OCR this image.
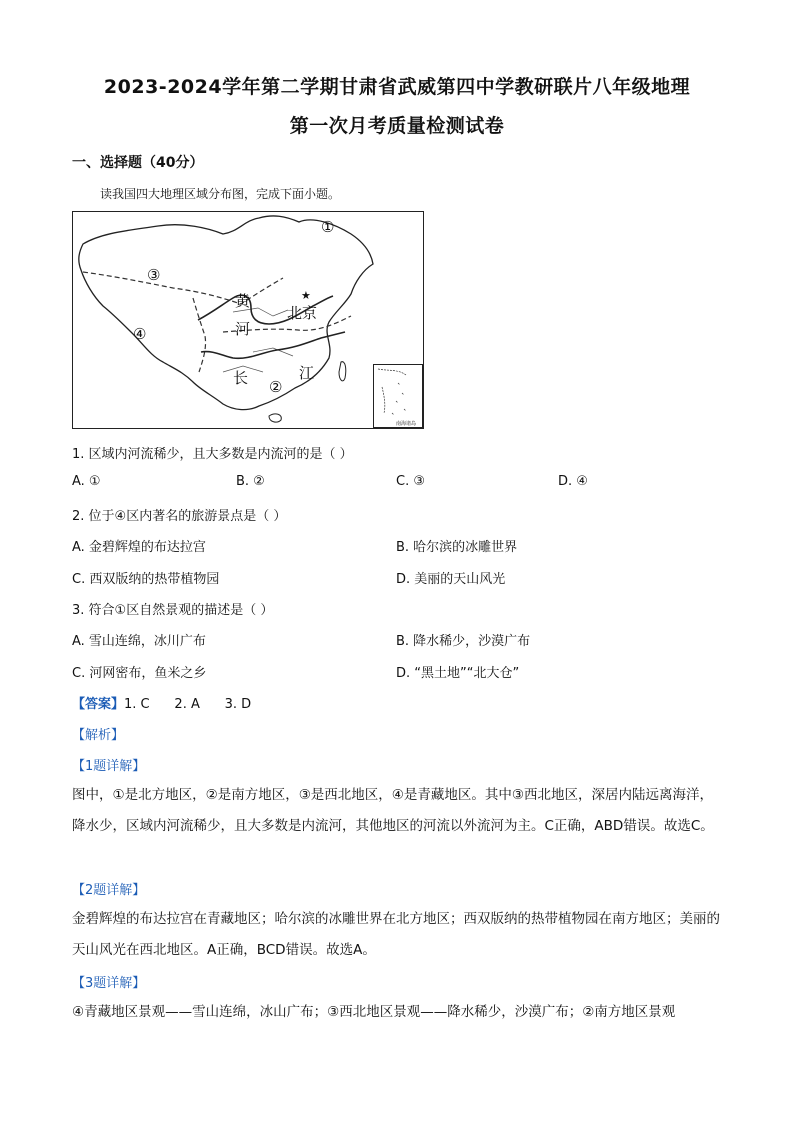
2023-2024学年第二学期甘肃省武威第四中学教研联片八年级地理
第一次月考质量检测试卷
一、选择题（40分）
读我国四大地理区域分布图，完成下面小题。
①
③
④
②
黄
河
长	江
★
北京
南海诸岛
1. 区域内河流稀少，且大多数是内流河的是（ ）
A. ①	B. ②	C. ③	D. ④
2. 位于④区内著名的旅游景点是（ ）
A. 金碧辉煌的布达拉宫	B. 哈尔滨的冰雕世界
C. 西双版纳的热带植物园	D. 美丽的天山风光
3. 符合①区自然景观的描述是（ ）
A. 雪山连绵，冰川广布	B. 降水稀少，沙漠广布
C. 河网密布，鱼米之乡	D. “黑土地”“北大仓”
【答案】1. C      2. A      3. D
【解析】
【1题详解】
图中，①是北方地区，②是南方地区，③是西北地区，④是青藏地区。其中③西北地区，深居内陆远离海洋，降水少，区域内河流稀少，且大多数是内流河，其他地区的河流以外流河为主。C正确，ABD错误。故选C。
【2题详解】
金碧辉煌的布达拉宫在青藏地区；哈尔滨的冰雕世界在北方地区；西双版纳的热带植物园在南方地区；美丽的天山风光在西北地区。A正确，BCD错误。故选A。
【3题详解】
④青藏地区景观——雪山连绵，冰山广布；③西北地区景观——降水稀少，沙漠广布；②南方地区景观
